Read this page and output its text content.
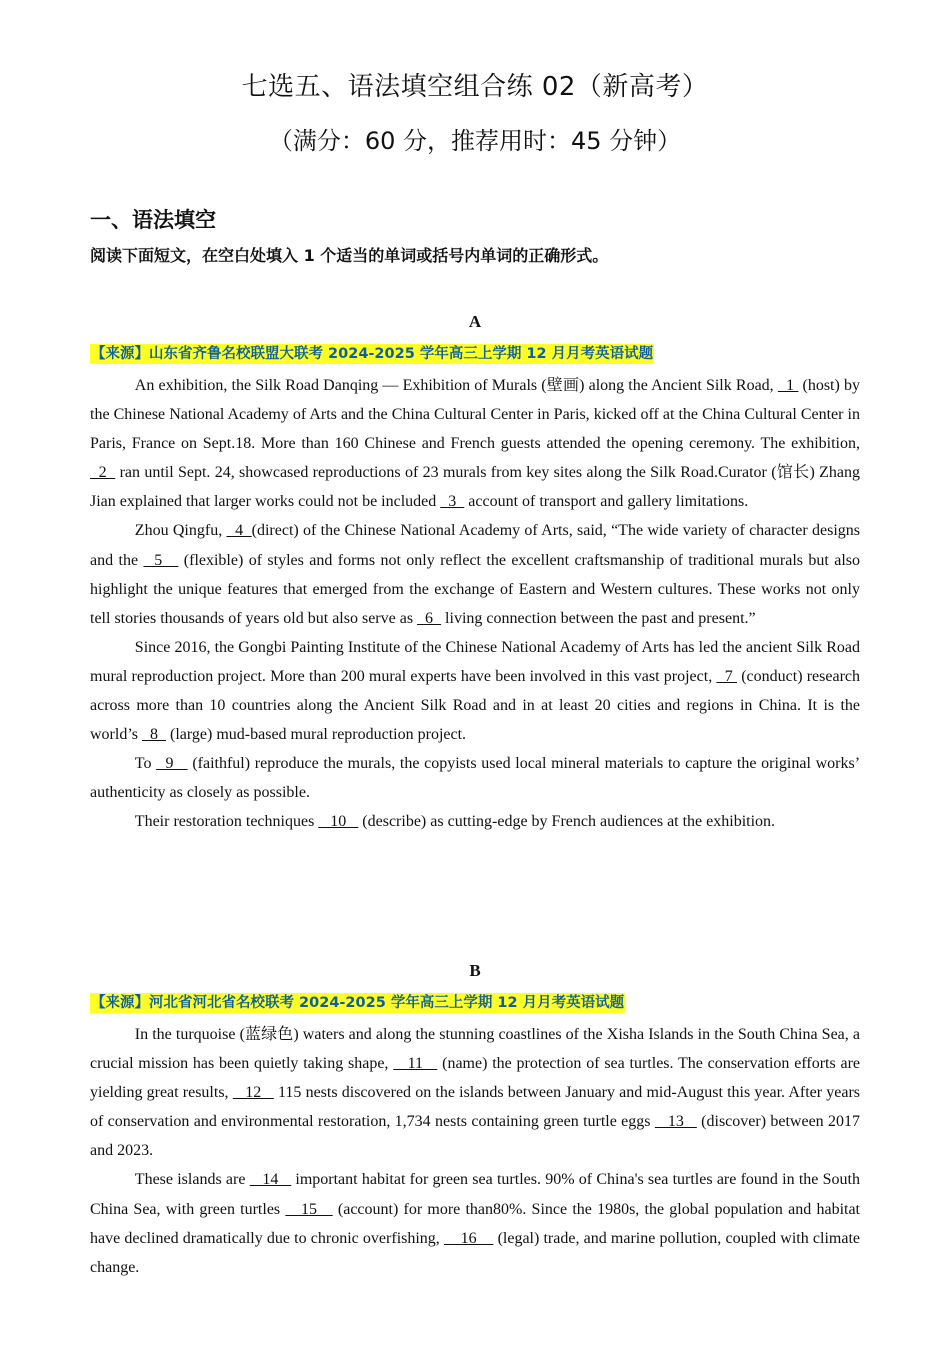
七选五、语法填空组合练 02（新高考）
（满分：60 分，推荐用时：45 分钟）
一、语法填空
阅读下面短文，在空白处填入 1 个适当的单词或括号内单词的正确形式。
A
【来源】山东省齐鲁名校联盟大联考 2024-2025 学年高三上学期 12 月月考英语试题

An exhibition, the Silk Road Danqing — Exhibition of Murals (壁画) along the Ancient Silk Road,   1  (host) by the Chinese National Academy of Arts and the China Cultural Center in Paris, kicked off at the China Cultural Center in Paris, France on Sept.18. More than 160 Chinese and French guests attended the opening ceremony. The exhibition,   2   ran until Sept. 24, showcased reproductions of 23 murals from key sites along the Silk Road.Curator (馆长) Zhang Jian explained that larger works could not be included   3   account of transport and gallery limitations.

Zhou Qingfu,   4  (direct) of the Chinese National Academy of Arts, said, “The wide variety of character designs and the   5    (flexible) of styles and forms not only reflect the excellent craftsmanship of traditional murals but also highlight the unique features that emerged from the exchange of Eastern and Western cultures. These works not only tell stories thousands of years old but also serve as   6   living connection between the past and present.”

Since 2016, the Gongbi Painting Institute of the Chinese National Academy of Arts has led the ancient Silk Road mural reproduction project. More than 200 mural experts have been involved in this vast project,   7  (conduct) research across more than 10 countries along the Ancient Silk Road and in at least 20 cities and regions in China. It is the world’s   8   (large) mud-based mural reproduction project.

To   9    (faithful) reproduce the murals, the copyists used local mineral materials to capture the original works’ authenticity as closely as possible.

Their restoration techniques    10    (describe) as cutting-edge by French audiences at the exhibition.

B
【来源】河北省河北省名校联考 2024-2025 学年高三上学期 12 月月考英语试题

In the turquoise (蓝绿色) waters and along the stunning coastlines of the Xisha Islands in the South China Sea, a crucial mission has been quietly taking shape,    11    (name) the protection of sea turtles. The conservation efforts are yielding great results,    12    115 nests discovered on the islands between January and mid-August this year. After years of conservation and environmental restoration, 1,734 nests containing green turtle eggs    13    (discover) between 2017 and 2023.

These islands are    14    important habitat for green sea turtles. 90% of China's sea turtles are found in the South China Sea, with green turtles    15    (account) for more than80%. Since the 1980s, the global population and habitat have declined dramatically due to chronic overfishing,     16     (legal) trade, and marine pollution, coupled with climate change.
